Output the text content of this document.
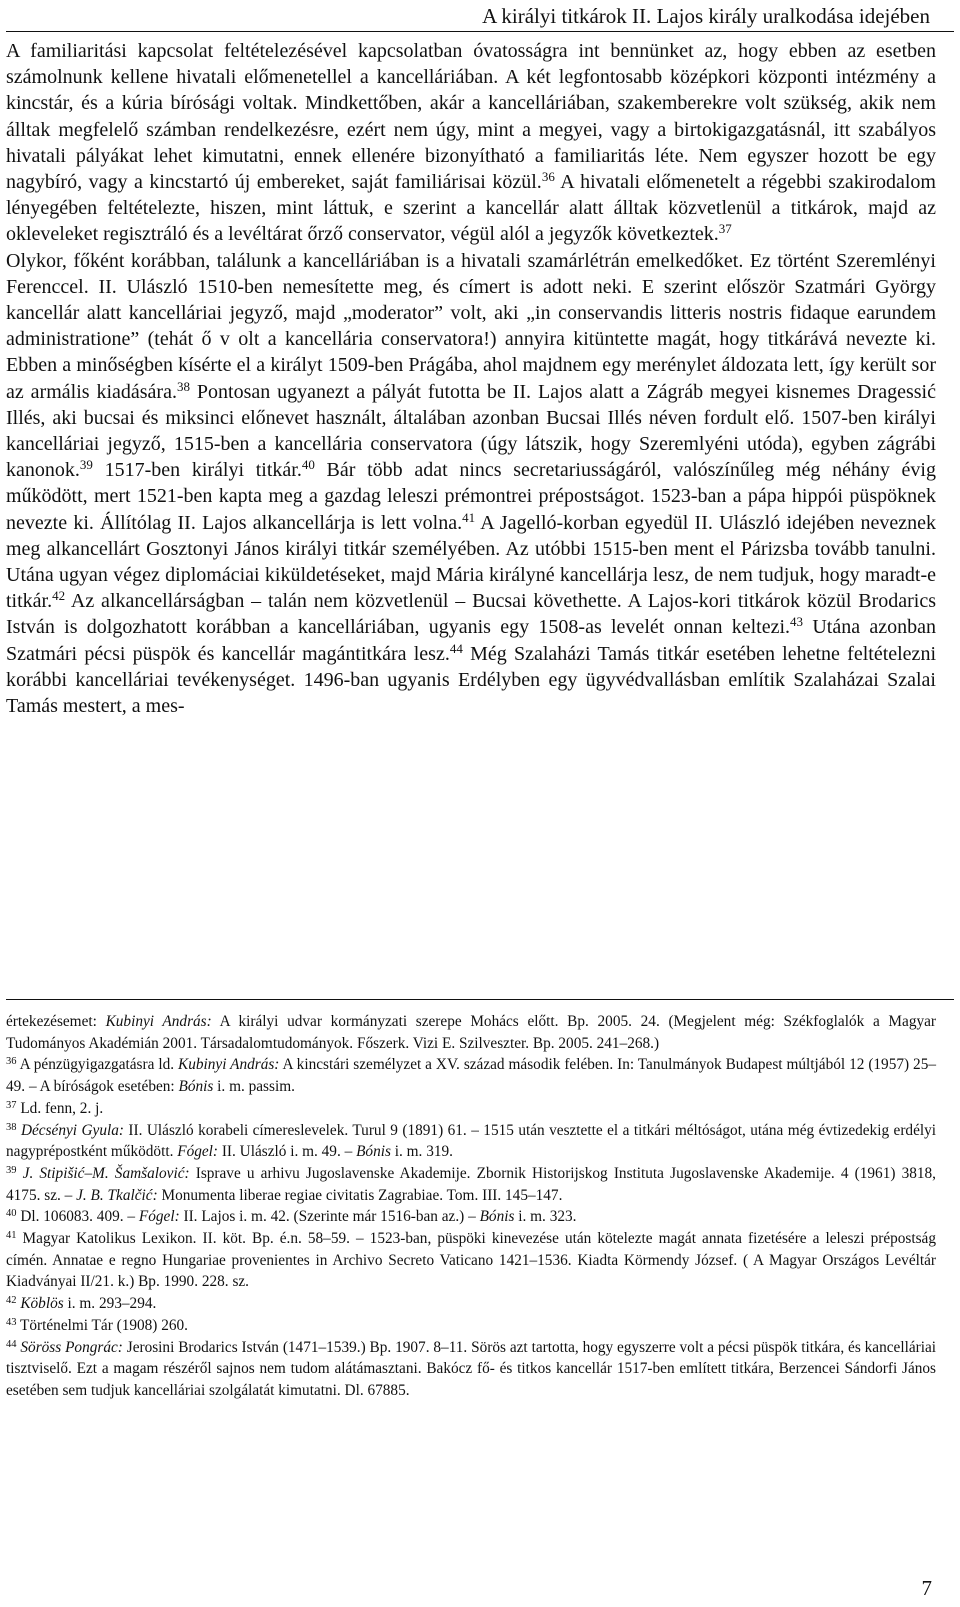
A királyi titkárok II. Lajos király uralkodása idejében

A familiaritási kapcsolat feltételezésével kapcsolatban óvatosságra int bennünket az, hogy ebben az esetben számolnunk kellene hivatali előmenetellel a kancelláriában. A két legfontosabb középkori központi intézmény a kincstár, és a kúria bírósági voltak. Mindkettőben, akár a kancelláriában, szakemberekre volt szükség, akik nem álltak megfelelő számban rendelkezésre, ezért nem úgy, mint a megyei, vagy a birtokigazgatásnál, itt szabályos hivatali pályákat lehet kimutatni, ennek ellenére bizonyítható a familiaritás léte. Nem egyszer hozott be egy nagybíró, vagy a kincstartó új embereket, saját familiárisai közül.$^{36}$ A hivatali előmenetelt a régebbi szakirodalom lényegében feltételezte, hiszen, mint láttuk, e szerint a kancellár alatt álltak közvetlenül a titkárok, majd az okleveleket regisztráló és a levéltárat őrző conservator, végül alól a jegyzők következtek.$^{37}$

Olykor, főként korábban, találunk a kancelláriában is a hivatali szamárlétrán emelkedőket. Ez történt Szeremlényi Ferenccel. II. Ulászló 1510-ben nemesítette meg, és címert is adott neki. E szerint először Szatmári György kancellár alatt kancelláriai jegyző, majd „moderator” volt, aki „in conservandis litteris nostris fidaque earundem administratione” (tehát ő v olt a kancellária conservatora!) annyira kitüntette magát, hogy titkárává nevezte ki. Ebben a minőségben kísérte el a királyt 1509-ben Prágába, ahol majdnem egy merénylet áldozata lett, így került sor az armális kiadására.$^{38}$ Pontosan ugyanezt a pályát futotta be II. Lajos alatt a Zágráb megyei kisnemes Dragessić Illés, aki bucsai és miksinci előnevet használt, általában azonban Bucsai Illés néven fordult elő. 1507-ben királyi kancelláriai jegyző, 1515-ben a kancellária conservatora (úgy látszik, hogy Szeremlyéni utóda), egyben zágrábi kanonok.$^{39}$ 1517-ben királyi titkár.$^{40}$ Bár több adat nincs secretariusságáról, valószínűleg még néhány évig működött, mert 1521-ben kapta meg a gazdag leleszi prémontrei prépostságot. 1523-ban a pápa hippói püspöknek nevezte ki. Állítólag II. Lajos alkancellárja is lett volna.$^{41}$ A Jagelló-korban egyedül II. Ulászló idejében neveznek meg alkancellárt Gosztonyi János királyi titkár személyében. Az utóbbi 1515-ben ment el Párizsba tovább tanulni. Utána ugyan végez diplomáciai kiküldetéseket, majd Mária királyné kancellárja lesz, de nem tudjuk, hogy maradt-e titkár.$^{42}$ Az alkancellárságban – talán nem közvetlenül – Bucsai követhette. A Lajos-kori titkárok közül Brodarics István is dolgozhatott korábban a kancelláriában, ugyanis egy 1508-as levelét onnan keltezi.$^{43}$ Utána azonban Szatmári pécsi püspök és kancellár magántitkára lesz.$^{44}$ Még Szalaházi Tamás titkár esetében lehetne feltételezni korábbi kancelláriai tevékenységet. 1496-ban ugyanis Erdélyben egy ügyvédvallásban említik Szalaházai Szalai Tamás mestert, a mes-

értekezésemet: Kubinyi András: A királyi udvar kormányzati szerepe Mohács előtt. Bp. 2005. 24. (Megjelent még: Székfoglalók a Magyar Tudományos Akadémián 2001. Társadalomtudományok. Főszerk. Vizi E. Szilveszter. Bp. 2005. 241–268.)

$^{36}$ A pénzügyigazgatásra ld. Kubinyi András: A kincstári személyzet a XV. század második felében. In: Tanulmányok Budapest múltjából 12 (1957) 25–49. – A bíróságok esetében: Bónis i. m. passim.

$^{37}$ Ld. fenn, 2. j.

$^{38}$ Décsényi Gyula: II. Ulászló korabeli címereslevelek. Turul 9 (1891) 61. – 1515 után vesztette el a titkári méltóságot, utána még évtizedekig erdélyi nagyprépostként működött. Fógel: II. Ulászló i. m. 49. – Bónis i. m. 319.

$^{39}$ J. Stipišić–M. Šamšalović: Isprave u arhivu Jugoslavenske Akademije. Zbornik Historijskog Instituta Jugoslavenske Akademije. 4 (1961) 3818, 4175. sz. – J. B. Tkalčić: Monumenta liberae regiae civitatis Zagrabiae. Tom. III. 145–147.

$^{40}$ Dl. 106083. 409. – Fógel: II. Lajos i. m. 42. (Szerinte már 1516-ban az.) – Bónis i. m. 323.

$^{41}$ Magyar Katolikus Lexikon. II. köt. Bp. é.n. 58–59. – 1523-ban, püspöki kinevezése után kötelezte magát annata fizetésére a leleszi prépostság címén. Annatae e regno Hungariae provenientes in Archivo Secreto Vaticano 1421–1536. Kiadta Körmendy József. ( A Magyar Országos Levéltár Kiadványai II/21. k.) Bp. 1990. 228. sz.

$^{42}$ Köblös i. m. 293–294.

$^{43}$ Történelmi Tár (1908) 260.

$^{44}$ Söröss Pongrác: Jerosini Brodarics István (1471–1539.) Bp. 1907. 8–11. Sörös azt tartotta, hogy egyszerre volt a pécsi püspök titkára, és kancelláriai tisztviselő. Ezt a magam részéről sajnos nem tudom alátámasztani. Bakócz fő- és titkos kancellár 1517-ben említett titkára, Berzencei Sándorfi János esetében sem tudjuk kancelláriai szolgálatát kimutatni. Dl. 67885.

7
